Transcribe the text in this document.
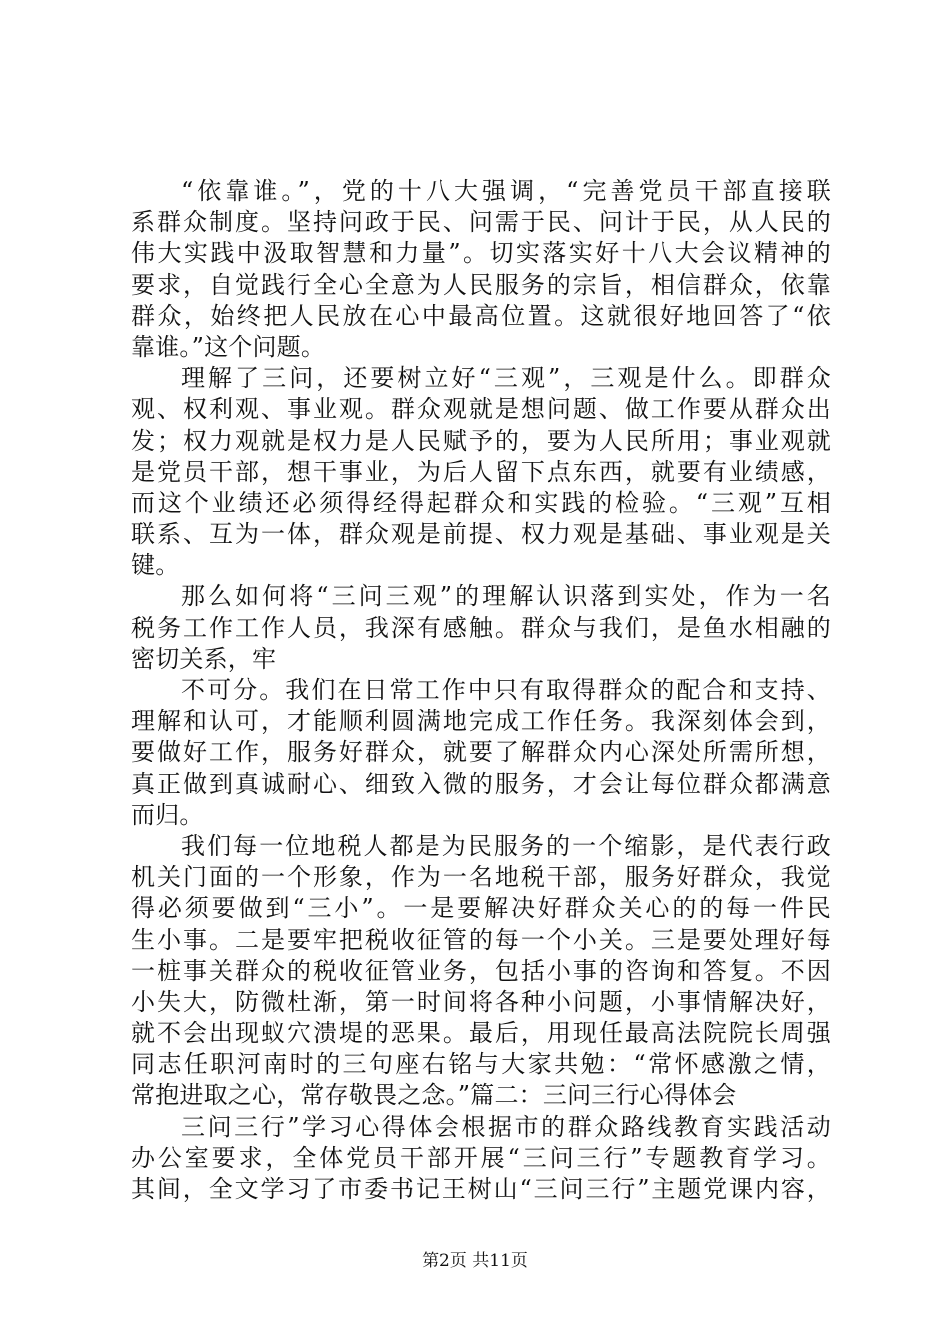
“依靠谁。”，党的十八大强调，“完善党员干部直接联
系群众制度。坚持问政于民、问需于民、问计于民，从人民的
伟大实践中汲取智慧和力量”。切实落实好十八大会议精神的
要求，自觉践行全心全意为人民服务的宗旨，相信群众，依靠
群众，始终把人民放在心中最高位置。这就很好地回答了“依
靠谁。”这个问题。
理解了三问，还要树立好“三观”，三观是什么。即群众
观、权利观、事业观。群众观就是想问题、做工作要从群众出
发；权力观就是权力是人民赋予的，要为人民所用；事业观就
是党员干部，想干事业，为后人留下点东西，就要有业绩感，
而这个业绩还必须得经得起群众和实践的检验。“三观”互相
联系、互为一体，群众观是前提、权力观是基础、事业观是关
键。
那么如何将“三问三观”的理解认识落到实处，作为一名
税务工作工作人员，我深有感触。群众与我们，是鱼水相融的
密切关系，牢
不可分。我们在日常工作中只有取得群众的配合和支持、
理解和认可，才能顺利圆满地完成工作任务。我深刻体会到，
要做好工作，服务好群众，就要了解群众内心深处所需所想，
真正做到真诚耐心、细致入微的服务，才会让每位群众都满意
而归。
我们每一位地税人都是为民服务的一个缩影，是代表行政
机关门面的一个形象，作为一名地税干部，服务好群众，我觉
得必须要做到“三小”。一是要解决好群众关心的的每一件民
生小事。二是要牢把税收征管的每一个小关。三是要处理好每
一桩事关群众的税收征管业务，包括小事的咨询和答复。不因
小失大，防微杜渐，第一时间将各种小问题，小事情解决好，
就不会出现蚁穴溃堤的恶果。最后，用现任最高法院院长周强
同志任职河南时的三句座右铭与大家共勉：“常怀感激之情，
常抱进取之心，常存敬畏之念。”篇二：三问三行心得体会
三问三行”学习心得体会根据市的群众路线教育实践活动
办公室要求，全体党员干部开展“三问三行”专题教育学习。
其间，全文学习了市委书记王树山“三问三行”主题党课内容，
第2页 共11页
